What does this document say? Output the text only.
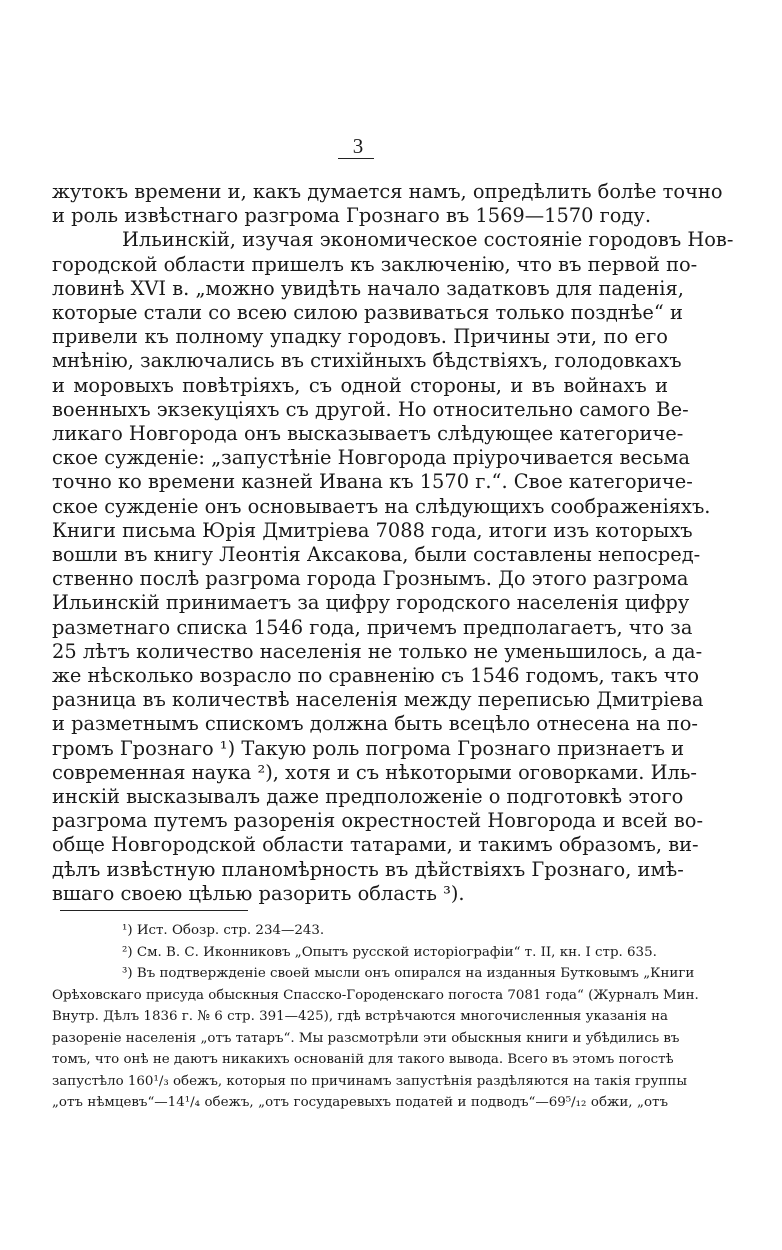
3
жутокъ времени и, какъ думается намъ, опредѣлить болѣе точно
и роль извѣстнаго разгрома Грознаго въ 1569—1570 году.
Ильинскій, изучая экономическое состояніе городовъ Нов-
городской области пришелъ къ заключенію, что въ первой по-
ловинѣ XVI в. „можно увидѣть начало задатковъ для паденія,
которые стали со всею силою развиваться только позднѣе“ и
привели къ полному упадку городовъ. Причины эти, по его
мнѣнію, заключались въ стихійныхъ бѣдствіяхъ, голодовкахъ
и моровыхъ повѣтріяхъ, съ одной стороны, и въ войнахъ и
военныхъ экзекуціяхъ съ другой. Но относительно самого Ве-
ликаго Новгорода онъ высказываетъ слѣдующее категориче-
ское сужденіе: „запустѣніе Новгорода пріурочивается весьма
точно ко времени казней Ивана къ 1570 г.“. Свое категориче-
ское сужденіе онъ основываетъ на слѣдующихъ соображеніяхъ.
Книги письма Юрія Дмитріева 7088 года, итоги изъ которыхъ
вошли въ книгу Леонтія Аксакова, были составлены непосред-
ственно послѣ разгрома города Грознымъ. До этого разгрома
Ильинскій принимаетъ за цифру городского населенія цифру
разметнаго списка 1546 года, причемъ предполагаетъ, что за
25 лѣтъ количество населенія не только не уменьшилось, а да-
же нѣсколько возрасло по сравненію съ 1546 годомъ, такъ что
разница въ количествѣ населенія между переписью Дмитріева
и разметнымъ спискомъ должна быть всецѣло отнесена на по-
громъ Грознаго ¹) Такую роль погрома Грознаго признаетъ и
современная наука ²), хотя и съ нѣкоторыми оговорками. Иль-
инскій высказывалъ даже предположеніе о подготовкѣ этого
разгрома путемъ разоренія окрестностей Новгорода и всей во-
обще Новгородской области татарами, и такимъ образомъ, ви-
дѣлъ извѣстную планомѣрность въ дѣйствіяхъ Грознаго, имѣ-
вшаго своею цѣлью разорить область ³).
¹) Ист. Обозр. стр. 234—243.
²) См. В. С. Иконниковъ „Опытъ русской исторіографіи“ т. II, кн. I стр. 635.
³) Въ подтвержденіе своей мысли онъ опирался на изданныя Бутковымъ „Книги
Орѣховскаго присуда обыскныя Спасско-Городенскаго погоста 7081 года“ (Журналъ Мин.
Внутр. Дѣлъ 1836 г. № 6 стр. 391—425), гдѣ встрѣчаются многочисленныя указанія на
разореніе населенія „отъ татаръ“. Мы разсмотрѣли эти обыскныя книги и убѣдились въ
томъ, что онѣ не даютъ никакихъ основаній для такого вывода. Всего въ этомъ погостѣ
запустѣло 160¹/₃ обежъ, которыя по причинамъ запустѣнія раздѣляются на такія группы
„отъ нѣмцевъ“—14¹/₄ обежъ, „отъ государевыхъ податей и подводъ“—69⁵/₁₂ обжи, „отъ
